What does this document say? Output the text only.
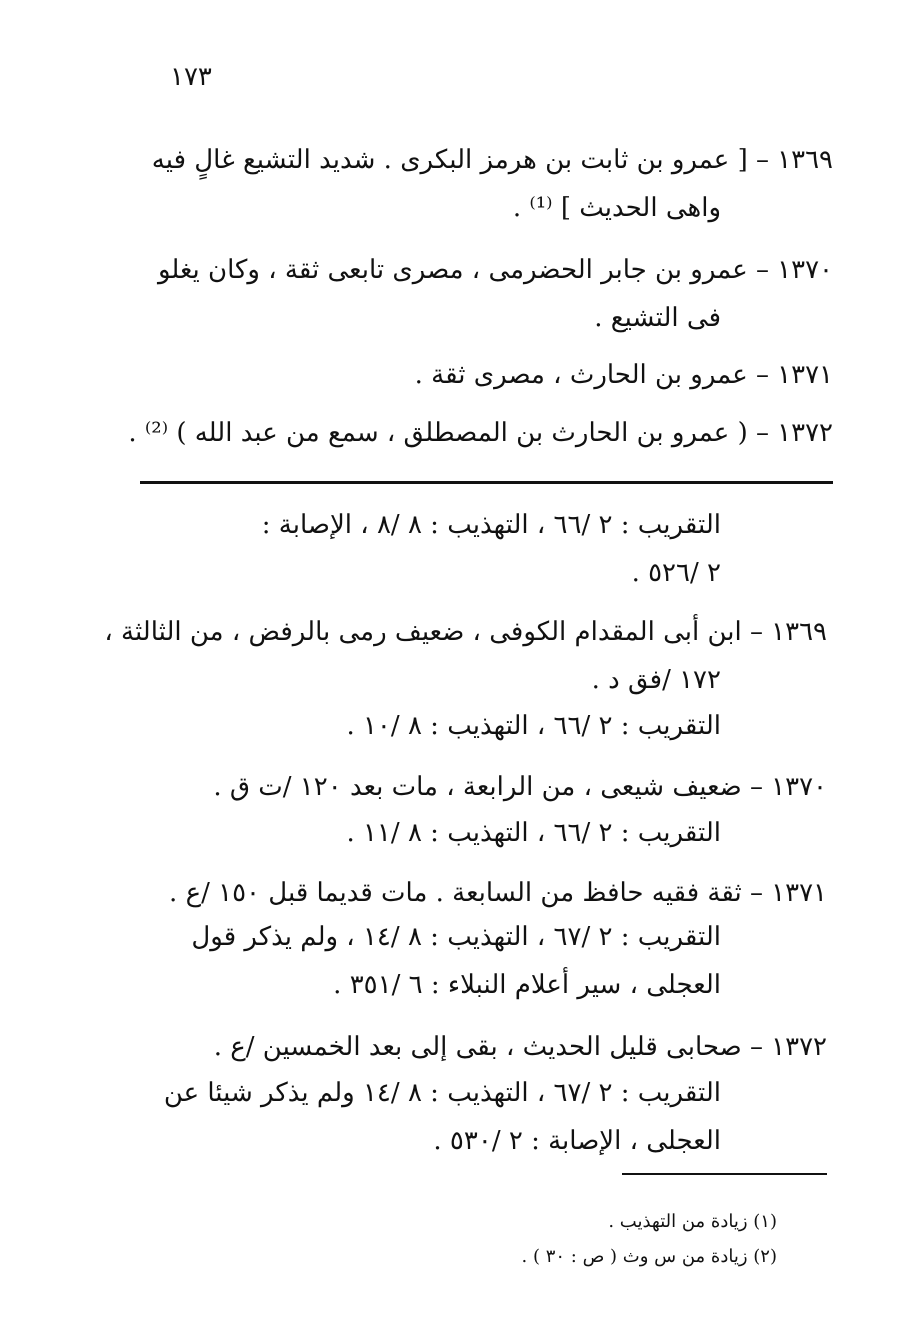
١٧٣
١٣٦٩
– [ عمرو بن ثابت بن هرمز البكرى . شديد التشيع غالٍ فيه
واهى الحديث ] ⁽¹⁾ .
١٣٧٠
– عمرو بن جابر الحضرمى ، مصرى تابعى ثقة ، وكان يغلو
فى التشيع .
١٣٧١
– عمرو بن الحارث ، مصرى ثقة .
١٣٧٢
– ( عمرو بن الحارث بن المصطلق ، سمع من عبد الله ) ⁽²⁾ .
التقريب : ٢ /٦٦ ، التهذيب : ٨ /٨ ، الإصابة :
٢ /٥٢٦ .
١٣٦٩
– ابن أبى المقدام الكوفى ، ضعيف رمى بالرفض ، من الثالثة ،
١٧٢ /فق د .
التقريب : ٢ /٦٦ ، التهذيب : ٨ /١٠ .
١٣٧٠
– ضعيف شيعى ، من الرابعة ، مات بعد ١٢٠ /ت ق .
التقريب : ٢ /٦٦ ، التهذيب : ٨ /١١ .
١٣٧١
– ثقة فقيه حافظ من السابعة . مات قديما قبل ١٥٠ /ع .
التقريب : ٢ /٦٧ ، التهذيب : ٨ /١٤ ، ولم يذكر قول
العجلى ، سير أعلام النبلاء : ٦ /٣٥١ .
١٣٧٢
– صحابى قليل الحديث ، بقى إلى بعد الخمسين /ع .
التقريب : ٢ /٦٧ ، التهذيب : ٨ /١٤ ولم يذكر شيئا عن
العجلى ، الإصابة : ٢ /٥٣٠ .
(١) زيادة من التهذيب .
(٢) زيادة من س وث ( ص : ٣٠ ) .
